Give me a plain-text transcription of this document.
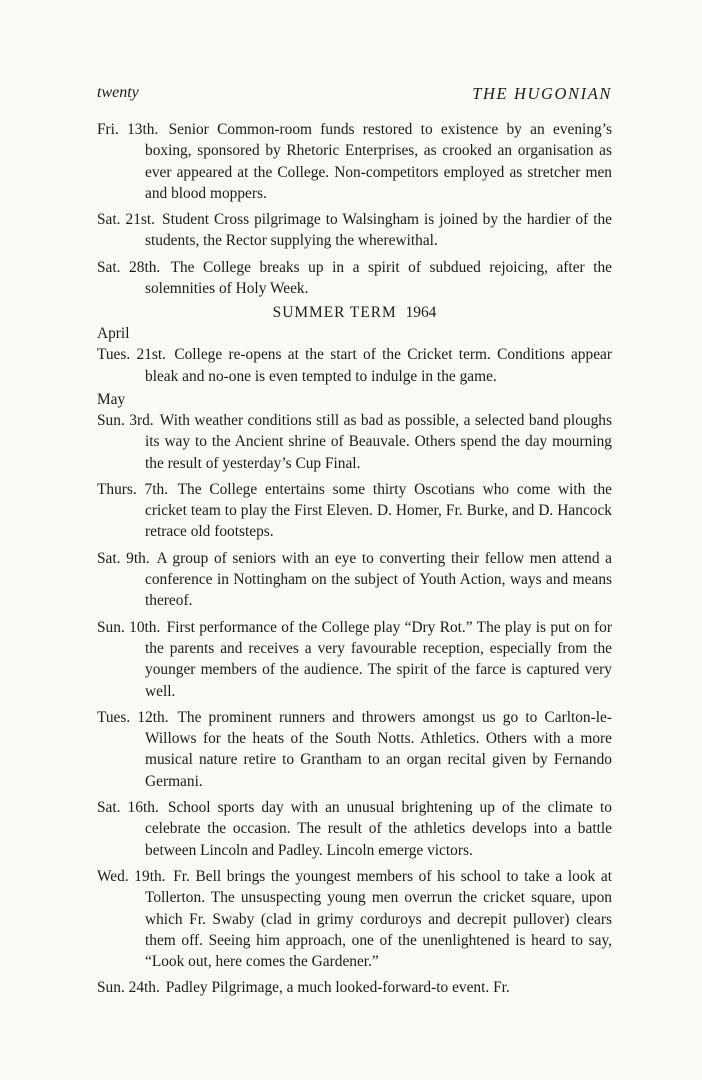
twenty	THE HUGONIAN

Fri. 13th. Senior Common-room funds restored to existence by an evening’s boxing, sponsored by Rhetoric Enterprises, as crooked an organisation as ever appeared at the College. Non-competitors employed as stretcher men and blood moppers.

Sat. 21st. Student Cross pilgrimage to Walsingham is joined by the hardier of the students, the Rector supplying the wherewithal.

Sat. 28th. The College breaks up in a spirit of subdued rejoicing, after the solemnities of Holy Week.

SUMMER TERM 1964

April

Tues. 21st. College re-opens at the start of the Cricket term. Conditions appear bleak and no-one is even tempted to indulge in the game.

May

Sun. 3rd. With weather conditions still as bad as possible, a selected band ploughs its way to the Ancient shrine of Beauvale. Others spend the day mourning the result of yesterday’s Cup Final.

Thurs. 7th. The College entertains some thirty Oscotians who come with the cricket team to play the First Eleven. D. Homer, Fr. Burke, and D. Hancock retrace old footsteps.

Sat. 9th. A group of seniors with an eye to converting their fellow men attend a conference in Nottingham on the subject of Youth Action, ways and means thereof.

Sun. 10th. First performance of the College play “Dry Rot.” The play is put on for the parents and receives a very favourable reception, especially from the younger members of the audience. The spirit of the farce is captured very well.

Tues. 12th. The prominent runners and throwers amongst us go to Carlton-le-Willows for the heats of the South Notts. Athletics. Others with a more musical nature retire to Grantham to an organ recital given by Fernando Germani.

Sat. 16th. School sports day with an unusual brightening up of the climate to celebrate the occasion. The result of the athletics develops into a battle between Lincoln and Padley. Lincoln emerge victors.

Wed. 19th. Fr. Bell brings the youngest members of his school to take a look at Tollerton. The unsuspecting young men overrun the cricket square, upon which Fr. Swaby (clad in grimy corduroys and decrepit pullover) clears them off. Seeing him approach, one of the unenlightened is heard to say, “Look out, here comes the Gardener.”

Sun. 24th. Padley Pilgrimage, a much looked-forward-to event. Fr.
